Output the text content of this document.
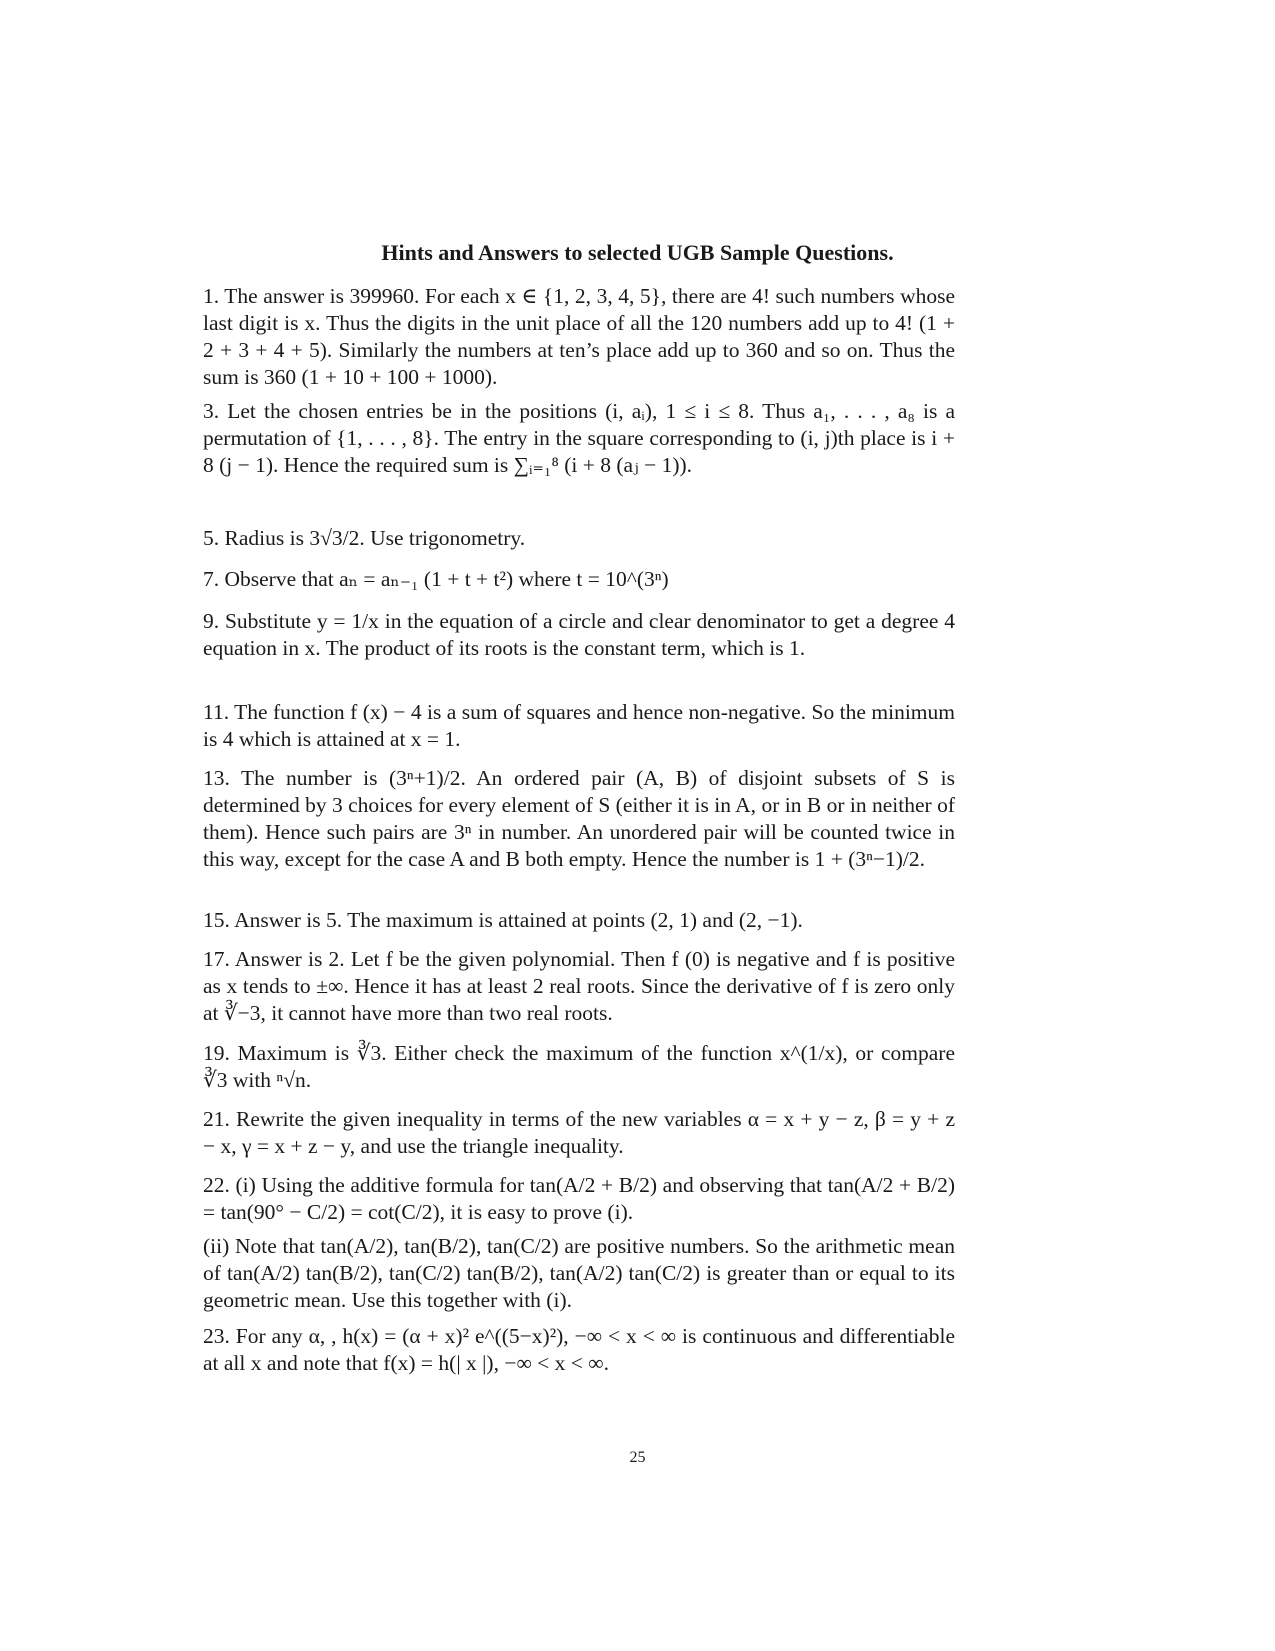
Hints and Answers to selected UGB Sample Questions.
1. The answer is 399960. For each x ∈ {1, 2, 3, 4, 5}, there are 4! such numbers whose last digit is x. Thus the digits in the unit place of all the 120 numbers add up to 4! (1 + 2 + 3 + 4 + 5). Similarly the numbers at ten’s place add up to 360 and so on. Thus the sum is 360 (1 + 10 + 100 + 1000).
3. Let the chosen entries be in the positions (i, aᵢ), 1 ≤ i ≤ 8. Thus a₁, . . . , a₈ is a permutation of {1, . . . , 8}. The entry in the square corresponding to (i, j)th place is i + 8 (j − 1). Hence the required sum is ∑ᵢ₌₁⁸ (i + 8 (aⱼ − 1)).
5. Radius is 3√3/2. Use trigonometry.
7. Observe that aₙ = aₙ₋₁ (1 + t + t²) where t = 10^(3ⁿ)
9. Substitute y = 1/x in the equation of a circle and clear denominator to get a degree 4 equation in x. The product of its roots is the constant term, which is 1.
11. The function f (x) − 4 is a sum of squares and hence non-negative. So the minimum is 4 which is attained at x = 1.
13. The number is (3ⁿ+1)/2. An ordered pair (A, B) of disjoint subsets of S is determined by 3 choices for every element of S (either it is in A, or in B or in neither of them). Hence such pairs are 3ⁿ in number. An unordered pair will be counted twice in this way, except for the case A and B both empty. Hence the number is 1 + (3ⁿ−1)/2.
15. Answer is 5. The maximum is attained at points (2, 1) and (2, −1).
17. Answer is 2. Let f be the given polynomial. Then f (0) is negative and f is positive as x tends to ±∞. Hence it has at least 2 real roots. Since the derivative of f is zero only at ∛−3, it cannot have more than two real roots.
19. Maximum is ∛3. Either check the maximum of the function x^(1/x), or compare ∛3 with ⁿ√n.
21. Rewrite the given inequality in terms of the new variables α = x + y − z, β = y + z − x, γ = x + z − y, and use the triangle inequality.
22. (i) Using the additive formula for tan(A/2 + B/2) and observing that tan(A/2 + B/2) = tan(90° − C/2) = cot(C/2), it is easy to prove (i).
(ii) Note that tan(A/2), tan(B/2), tan(C/2) are positive numbers. So the arithmetic mean of tan(A/2) tan(B/2), tan(C/2) tan(B/2), tan(A/2) tan(C/2) is greater than or equal to its geometric mean. Use this together with (i).
23. For any α, , h(x) = (α + x)² e^((5−x)²), −∞ < x < ∞ is continuous and differentiable at all x and note that f(x) = h(| x |), −∞ < x < ∞.
25
